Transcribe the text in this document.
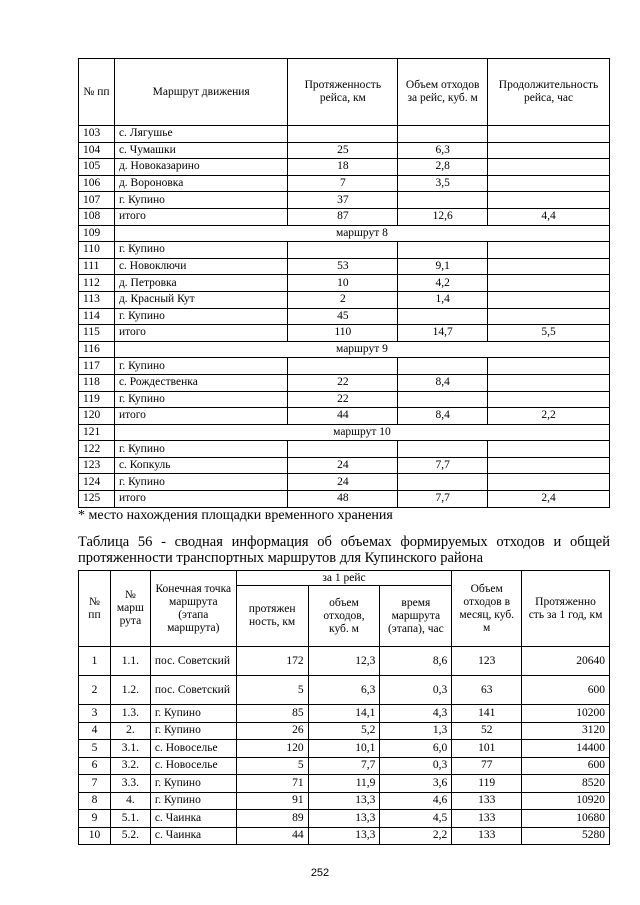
№ пп	Маршрут движения	Протяженность рейса, км	Объем отходов за рейс, куб. м	Продолжительность рейса, час
103	с. Лягушье			
104	с. Чумашки	25	6,3	
105	д. Новоказарино	18	2,8	
106	д. Вороновка	7	3,5	
107	г. Купино	37		
108	итого	87	12,6	4,4
109	маршрут 8			
110	г. Купино			
111	с. Новоключи	53	9,1	
112	д. Петровка	10	4,2	
113	д. Красный Кут	2	1,4	
114	г. Купино	45		
115	итого	110	14,7	5,5
116	маршрут 9			
117	г. Купино			
118	с. Рождественка	22	8,4	
119	г. Купино	22		
120	итого	44	8,4	2,2
121	маршрут 10			
122	г. Купино			
123	с. Копкуль	24	7,7	
124	г. Купино	24		
125	итого	48	7,7	2,4

* место нахождения площадки временного хранения

Таблица 56 - сводная информация об объемах формируемых отходов и общей протяженности транспортных маршрутов для Купинского района

№ пп	№ марш рута	Конечная точка маршрута (этапа маршрута)	за 1 рейс			Объем отходов в месяц, куб. м	Протяженно сть за 1 год, км
			протяжен ность, км	объем отходов, куб. м	время маршрута (этапа), час		
1	1.1.	пос. Советский	172	12,3	8,6	123	20640
2	1.2.	пос. Советский	5	6,3	0,3	63	600
3	1.3.	г. Купино	85	14,1	4,3	141	10200
4	2.	г. Купино	26	5,2	1,3	52	3120
5	3.1.	с. Новоселье	120	10,1	6,0	101	14400
6	3.2.	с. Новоселье	5	7,7	0,3	77	600
7	3.3.	г. Купино	71	11,9	3,6	119	8520
8	4.	г. Купино	91	13,3	4,6	133	10920
9	5.1.	с. Чаинка	89	13,3	4,5	133	10680
10	5.2.	с. Чаинка	44	13,3	2,2	133	5280
252
